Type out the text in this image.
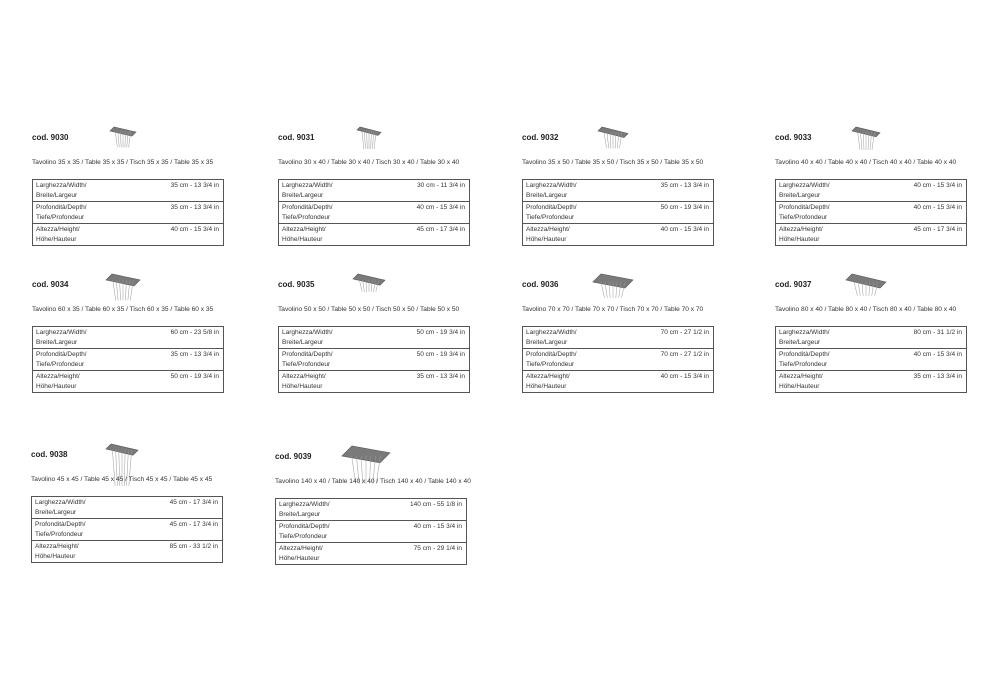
cod. 9030
Tavolino 35 x 35 / Table 35 x 35 / Tisch 35 x 35 / Table 35 x 35
Larghezza/Width/
Breite/Largeur
35 cm - 13 3/4 in
Profondità/Depth/
Tiefe/Profondeur
35 cm - 13 3/4 in
Altezza/Height/
Höhe/Hauteur
40 cm - 15 3/4 in
cod. 9031
Tavolino 30 x 40 / Table 30 x 40 / Tisch 30 x 40 / Table 30 x 40
Larghezza/Width/
Breite/Largeur
30 cm - 11 3/4 in
Profondità/Depth/
Tiefe/Profondeur
40 cm - 15 3/4 in
Altezza/Height/
Höhe/Hauteur
45 cm - 17 3/4 in
cod. 9032
Tavolino 35 x 50 / Table 35 x 50 / Tisch 35 x 50 / Table 35 x 50
Larghezza/Width/
Breite/Largeur
35 cm - 13 3/4 in
Profondità/Depth/
Tiefe/Profondeur
50 cm - 19 3/4 in
Altezza/Height/
Höhe/Hauteur
40 cm - 15 3/4 in
cod. 9033
Tavolino 40 x 40 / Table 40 x 40 / Tisch 40 x 40 / Table 40 x 40
Larghezza/Width/
Breite/Largeur
40 cm - 15 3/4 in
Profondità/Depth/
Tiefe/Profondeur
40 cm - 15 3/4 in
Altezza/Height/
Höhe/Hauteur
45 cm - 17 3/4 in
cod. 9034
Tavolino 60 x 35 / Table 60 x 35 / Tisch 60 x 35 / Table 60 x 35
Larghezza/Width/
Breite/Largeur
60 cm - 23 5/8 in
Profondità/Depth/
Tiefe/Profondeur
35 cm - 13 3/4 in
Altezza/Height/
Höhe/Hauteur
50 cm - 19 3/4 in
cod. 9035
Tavolino 50 x 50 / Table 50 x 50 / Tisch 50 x 50 / Table 50 x 50
Larghezza/Width/
Breite/Largeur
50 cm - 19 3/4 in
Profondità/Depth/
Tiefe/Profondeur
50 cm - 19 3/4 in
Altezza/Height/
Höhe/Hauteur
35 cm - 13 3/4 in
cod. 9036
Tavolino 70 x 70 / Table 70 x 70 / Tisch 70 x 70 / Table 70 x 70
Larghezza/Width/
Breite/Largeur
70 cm - 27 1/2 in
Profondità/Depth/
Tiefe/Profondeur
70 cm - 27 1/2 in
Altezza/Height/
Höhe/Hauteur
40 cm - 15 3/4 in
cod. 9037
Tavolino 80 x 40 / Table 80 x 40 / Tisch 80 x 40 / Table 80 x 40
Larghezza/Width/
Breite/Largeur
80 cm - 31 1/2 in
Profondità/Depth/
Tiefe/Profondeur
40 cm - 15 3/4 in
Altezza/Height/
Höhe/Hauteur
35 cm - 13 3/4 in
cod. 9038
Tavolino 45 x 45 / Table 45 x 45 / Tisch 45 x 45 / Table 45 x 45
Larghezza/Width/
Breite/Largeur
45 cm - 17 3/4 in
Profondità/Depth/
Tiefe/Profondeur
45 cm - 17 3/4 in
Altezza/Height/
Höhe/Hauteur
85 cm - 33 1/2 in
cod. 9039
Tavolino 140 x 40 / Table 140 x 40 / Tisch 140 x 40 / Table 140 x 40
Larghezza/Width/
Breite/Largeur
140 cm - 55 1/8 in
Profondità/Depth/
Tiefe/Profondeur
40 cm - 15 3/4 in
Altezza/Height/
Höhe/Hauteur
75 cm - 29 1/4 in
